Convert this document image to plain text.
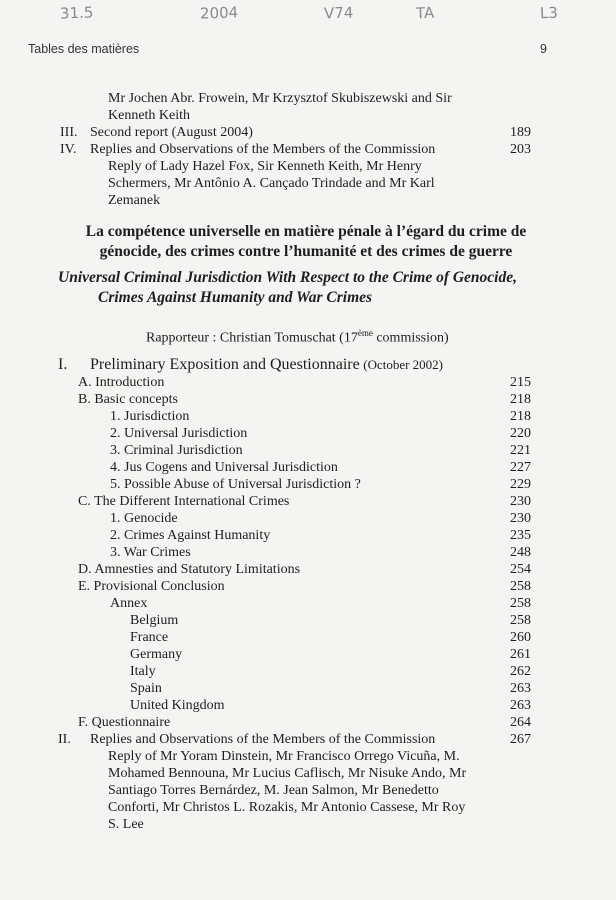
31.5	2004	V74	TA	L3
Tables des matières	9
Mr Jochen Abr. Frowein, Mr Krzysztof Skubiszewski and Sir
Kenneth Keith
III. Second report (August 2004)	189
IV. Replies and Observations of the Members of the Commission	203
Reply of Lady Hazel Fox, Sir Kenneth Keith, Mr Henry
Schermers, Mr Antônio A. Cançado Trindade and Mr Karl
Zemanek
La compétence universelle en matière pénale à l’égard du crime de
génocide, des crimes contre l’humanité et des crimes de guerre
Universal Criminal Jurisdiction With Respect to the Crime of Genocide,
Crimes Against Humanity and War Crimes
Rapporteur : Christian Tomuschat (17ème commission)
I. Preliminary Exposition and Questionnaire (October 2002)
A. Introduction	215
B. Basic concepts	218
1. Jurisdiction	218
2. Universal Jurisdiction	220
3. Criminal Jurisdiction	221
4. Jus Cogens and Universal Jurisdiction	227
5. Possible Abuse of Universal Jurisdiction ?	229
C. The Different International Crimes	230
1. Genocide	230
2. Crimes Against Humanity	235
3. War Crimes	248
D. Amnesties and Statutory Limitations	254
E. Provisional Conclusion	258
Annex	258
Belgium	258
France	260
Germany	261
Italy	262
Spain	263
United Kingdom	263
F. Questionnaire	264
II. Replies and Observations of the Members of the Commission	267
Reply of Mr Yoram Dinstein, Mr Francisco Orrego Vicuña, M.
Mohamed Bennouna, Mr Lucius Caflisch, Mr Nisuke Ando, Mr
Santiago Torres Bernárdez, M. Jean Salmon, Mr Benedetto
Conforti, Mr Christos L. Rozakis, Mr Antonio Cassese, Mr Roy
S. Lee
